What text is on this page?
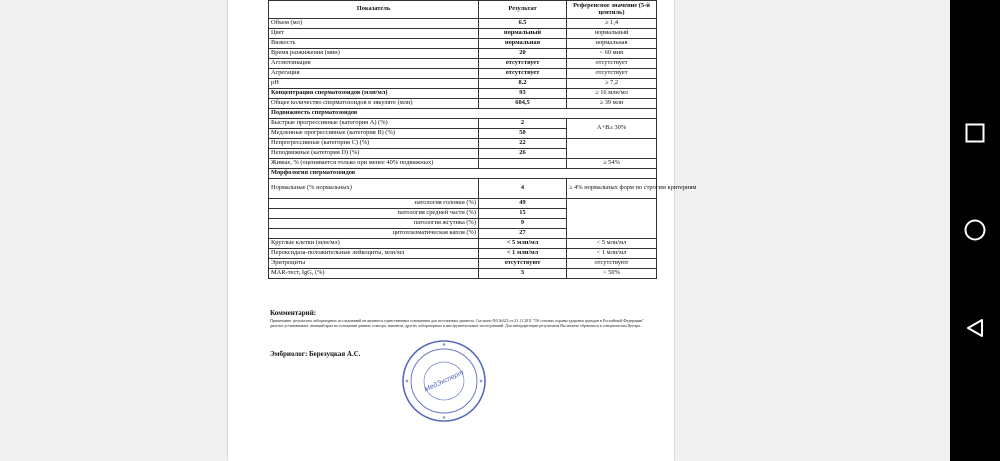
Показатель	Результат	Референсное значение (5-й центиль)
Объем (мл)	6.5	≥ 1,4
Цвет	нормальный	нормальный
Вязкость	нормальная	нормальная
Время разжижения (мин)	20	< 60 мин
Агглютинация	отсутствует	отсутствует
Агрегация	отсутствует	отсутствует
pH	8.2	≥ 7,2
Концентрация сперматозоидов (млн/мл)	93	≥ 16 млн/мл
Общее количество сперматозоидов в эякуляте (млн)	604,5	≥ 39 млн
Подвижность сперматозоидов		
Быстрые прогрессивные (категория А) (%)	2	A+B≥ 30%
Медленные прогрессивные (категория В) (%)	50	
Непрогрессивные (категория С) (%)	22	
Неподвижные (категория D) (%)	26	
Живые, % (оценивается только при менее 40% подвижных)		≥ 54%
Морфология сперматозоидов		
Нормальные (% нормальных)	4	≥ 4% нормальных форм по строгим критериям
патология головки (%)	49	
патология средней части (%)	15	
патология жгутика (%)	9	
цитоплазматическая капля (%)	27	
Круглые клетки (млн/мл)	< 5 млн/мл	< 5 млн/мл
Пероксидаза-положительные лейкоциты, млн/мл	< 1 млн/мл	< 1 млн/мл
Эритроциты	отсутствуют	отсутствуют
MAR-тест, IgG, (%)	3	< 50%
Комментарий:
Примечание: результаты лабораторных исследований не являются единственным основанием для постановки диагноза. Согласно ФЗ №323 от 21.11.2011 "Об основах охраны здоровья граждан в Российской Федерации" диагноз устанавливает лечащий врач на основании данных осмотра, анамнеза, других лабораторных и инструментальных исследований. Для интерпретации результатов Вы можете обратиться к специалистам Центра.
Эмбриолог: Березуцкая А.С.
МедЭксперт
